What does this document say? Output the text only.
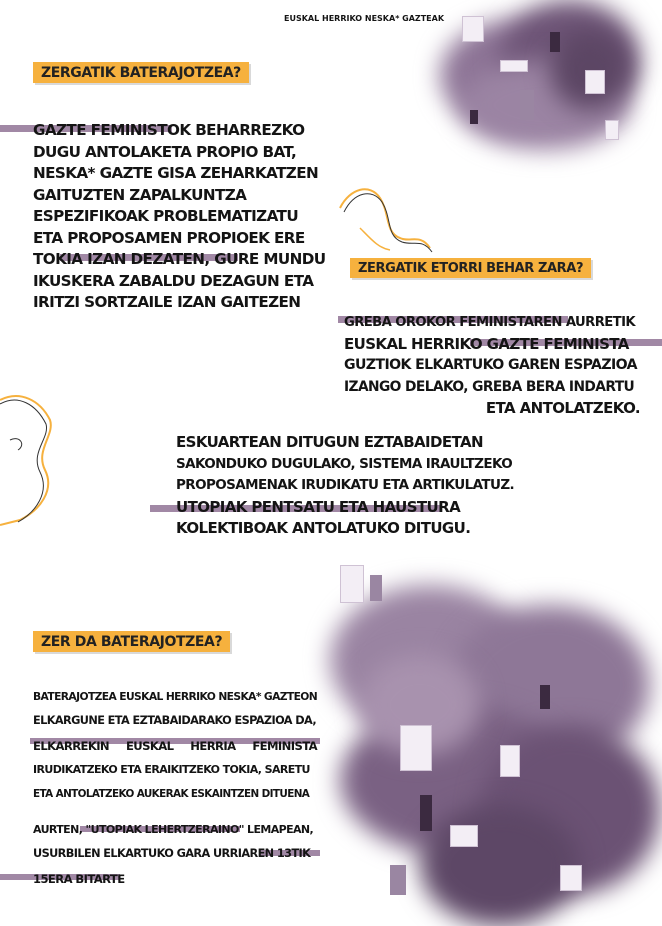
EUSKAL HERRIKO NESKA* GAZTEAK
ZERGATIK BATERAJOTZEA?
GAZTE FEMINISTOK BEHARREZKO
DUGU ANTOLAKETA PROPIO BAT,
NESKA* GAZTE GISA ZEHARKATZEN
GAITUZTEN ZAPALKUNTZA
ESPEZIFIKOAK PROBLEMATIZATU
ETA PROPOSAMEN PROPIOEK ERE
TOKIA IZAN DEZATEN, GURE MUNDU
IKUSKERA ZABALDU DEZAGUN ETA
IRITZI SORTZAILE IZAN GAITEZEN
ZERGATIK ETORRI BEHAR ZARA?
GREBA OROKOR FEMINISTAREN AURRETIK
EUSKAL HERRIKO GAZTE FEMINISTA
GUZTIOK ELKARTUKO GAREN ESPAZIOA
IZANGO DELAKO, GREBA BERA INDARTU
ETA ANTOLATZEKO.
ESKUARTEAN DITUGUN EZTABAIDETAN
SAKONDUKO DUGULAKO, SISTEMA IRAULTZEKO
PROPOSAMENAK IRUDIKATU ETA ARTIKULATUZ.
UTOPIAK PENTSATU ETA HAUSTURA
KOLEKTIBOAK ANTOLATUKO DITUGU.
ZER DA BATERAJOTZEA?
BATERAJOTZEA EUSKAL HERRIKO NESKA* GAZTEON
ELKARGUNE ETA EZTABAIDARAKO ESPAZIOA DA,
ELKARREKIN EUSKAL HERRIA FEMINISTA
IRUDIKATZEKO ETA ERAIKITZEKO TOKIA, SARETU
ETA ANTOLATZEKO AUKERAK ESKAINTZEN DITUENA
AURTEN, "UTOPIAK LEHERTZERAINO" LEMAPEAN,
USURBILEN ELKARTUKO GARA URRIAREN 13TIK
15ERA BITARTE
